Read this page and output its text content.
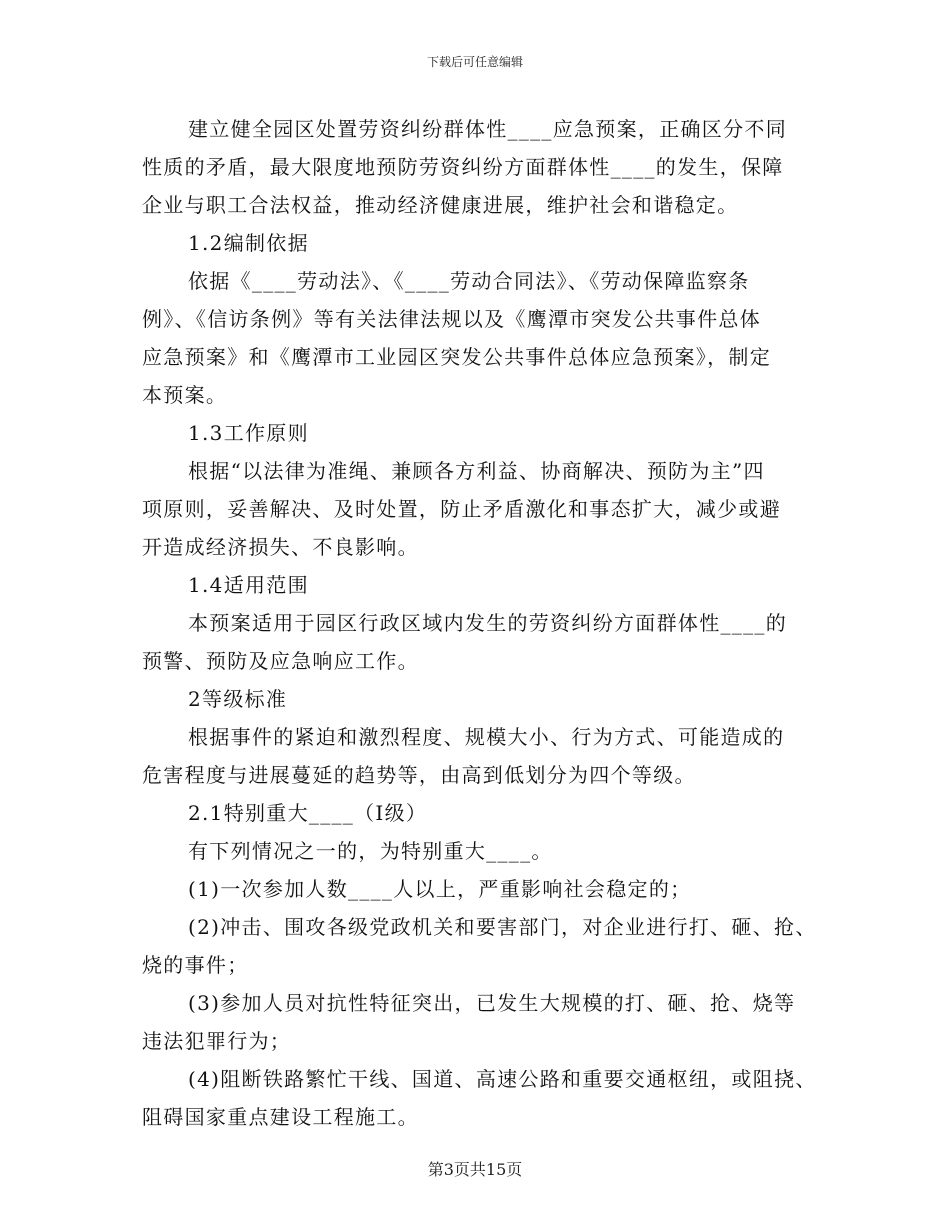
下载后可任意编辑
建立健全园区处置劳资纠纷群体性____应急预案，正确区分不同
性质的矛盾，最大限度地预防劳资纠纷方面群体性____的发生，保障
企业与职工合法权益，推动经济健康进展，维护社会和谐稳定。
1.2编制依据
依据《____劳动法》、《____劳动合同法》、《劳动保障监察条
例》、《信访条例》等有关法律法规以及《鹰潭市突发公共事件总体
应急预案》和《鹰潭市工业园区突发公共事件总体应急预案》，制定
本预案。
1.3工作原则
根据“以法律为准绳、兼顾各方利益、协商解决、预防为主”四
项原则，妥善解决、及时处置，防止矛盾激化和事态扩大，减少或避
开造成经济损失、不良影响。
1.4适用范围
本预案适用于园区行政区域内发生的劳资纠纷方面群体性____的
预警、预防及应急响应工作。
2等级标准
根据事件的紧迫和激烈程度、规模大小、行为方式、可能造成的
危害程度与进展蔓延的趋势等，由高到低划分为四个等级。
2.1特别重大____（Ⅰ级）
有下列情况之一的，为特别重大____。
(1)一次参加人数____人以上，严重影响社会稳定的；
(2)冲击、围攻各级党政机关和要害部门，对企业进行打、砸、抢、
烧的事件；
(3)参加人员对抗性特征突出，已发生大规模的打、砸、抢、烧等
违法犯罪行为；
(4)阻断铁路繁忙干线、国道、高速公路和重要交通枢纽，或阻挠、
阻碍国家重点建设工程施工。
第3页共15页
